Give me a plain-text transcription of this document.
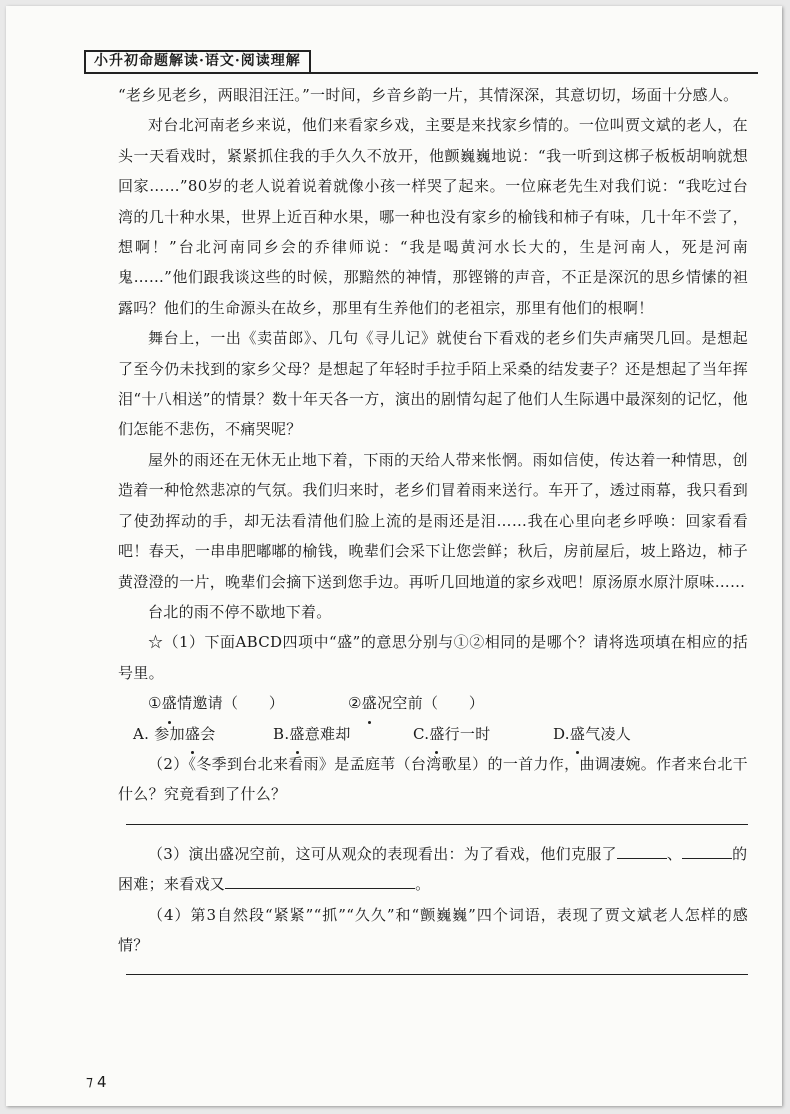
小升初命题解读·语文·阅读理解

“老乡见老乡，两眼泪汪汪。”一时间，乡音乡韵一片，其情深深，其意切切，场面十分感人。

对台北河南老乡来说，他们来看家乡戏，主要是来找家乡情的。一位叫贾文斌的老人，在头一天看戏时，紧紧抓住我的手久久不放开，他颤巍巍地说：“我一听到这梆子板板胡响就想回家……”80岁的老人说着说着就像小孩一样哭了起来。一位麻老先生对我们说：“我吃过台湾的几十种水果，世界上近百种水果，哪一种也没有家乡的榆钱和柿子有味，几十年不尝了，想啊！”台北河南同乡会的乔律师说：“我是喝黄河水长大的，生是河南人，死是河南鬼……”他们跟我谈这些的时候，那黯然的神情，那铿锵的声音，不正是深沉的思乡情愫的袒露吗？他们的生命源头在故乡，那里有生养他们的老祖宗，那里有他们的根啊！

舞台上，一出《卖苗郎》、几句《寻儿记》就使台下看戏的老乡们失声痛哭几回。是想起了至今仍未找到的家乡父母？是想起了年轻时手拉手陌上采桑的结发妻子？还是想起了当年挥泪“十八相送”的情景？数十年天各一方，演出的剧情勾起了他们人生际遇中最深刻的记忆，他们怎能不悲伤，不痛哭呢？

屋外的雨还在无休无止地下着，下雨的天给人带来怅惘。雨如信使，传达着一种情思，创造着一种怆然悲凉的气氛。我们归来时，老乡们冒着雨来送行。车开了，透过雨幕，我只看到了使劲挥动的手，却无法看清他们脸上流的是雨还是泪……我在心里向老乡呼唤：回家看看吧！春天，一串串肥嘟嘟的榆钱，晚辈们会采下让您尝鲜；秋后，房前屋后，坡上路边，柿子黄澄澄的一片，晚辈们会摘下送到您手边。再听几回地道的家乡戏吧！原汤原水原汁原味……

台北的雨不停不歇地下着。

☆（1）下面ABCD四项中“盛”的意思分别与①②相同的是哪个？请将选项填在相应的括号里。

①盛情邀请（　　）	②盛况空前（　　）
A. 参加盛会	B.盛意难却	C.盛行一时	D.盛气凌人

（2）《冬季到台北来看雨》是孟庭苇（台湾歌星）的一首力作，曲调凄婉。作者来台北干什么？究竟看到了什么？

（3）演出盛况空前，这可从观众的表现看出：为了看戏，他们克服了	、	的
困难；来看戏又	。

（4）第3自然段“紧紧”“抓”“久久”和“颤巍巍”四个词语，表现了贾文斌老人怎样的感情？

⁊ 4
